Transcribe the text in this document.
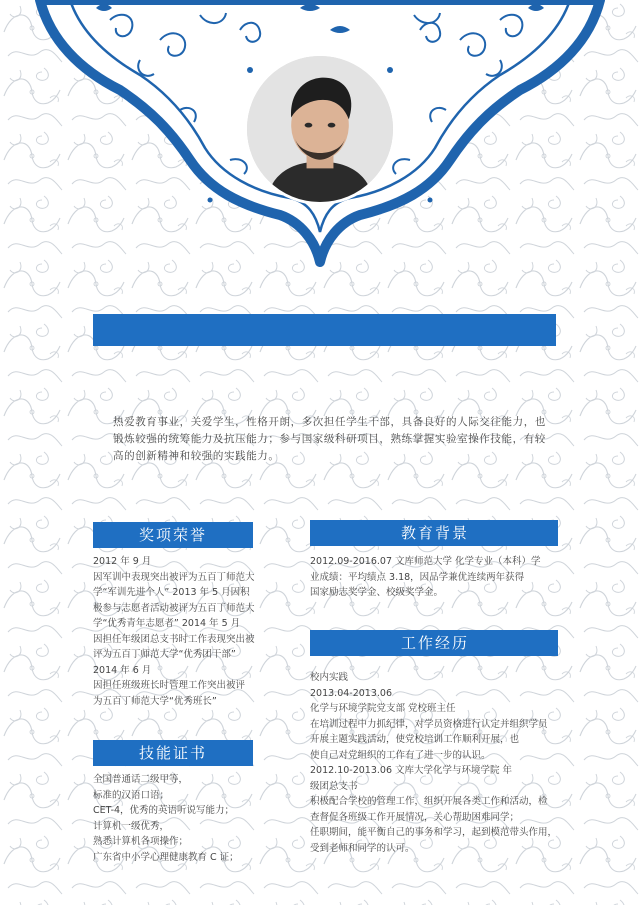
热爱教育事业，关爱学生，性格开朗，多次担任学生干部，具备良好的人际交往能力，也
锻炼较强的统筹能力及抗压能力；参与国家级科研项目，熟练掌握实验室操作技能，有较
高的创新精神和较强的实践能力。
奖项荣誉
2012 年 9 月
因军训中表现突出被评为五百丁师范大
学“军训先进个人” 2013 年 5 月因积
极参与志愿者活动被评为五百丁师范大
学“优秀青年志愿者” 2014 年 5 月
因担任年级团总支书时工作表现突出被
评为五百丁师范大学“优秀团干部”
2014 年 6 月
因担任班级班长时管理工作突出被评
为五百丁师范大学“优秀班长”
技能证书
全国普通话二级甲等，
标准的汉语口语；
CET-4，优秀的英语听说写能力；
计算机一级优秀，
熟悉计算机各项操作；
广东省中小学心理健康教育 C 证；
教育背景
2012.09-2016.07 文库师范大学 化学专业（本科）学
业成绩：平均绩点 3.18，因品学兼优连续两年获得
国家励志奖学金、校级奖学金。
工作经历
校内实践
2013.04-2013.06
化学与环境学院党支部 党校班主任
在培训过程中力抓纪律，对学员资格进行认定并组织学员
开展主题实践活动，使党校培训工作顺利开展，也
使自己对党组织的工作有了进一步的认识。
2012.10-2013.06 文库大学化学与环境学院 年
级团总支书
积极配合学校的管理工作，组织开展各类工作和活动，检
查督促各班级工作开展情况，关心帮助困难同学；
任职期间，能平衡自己的事务和学习，起到模范带头作用，
受到老师和同学的认可。
